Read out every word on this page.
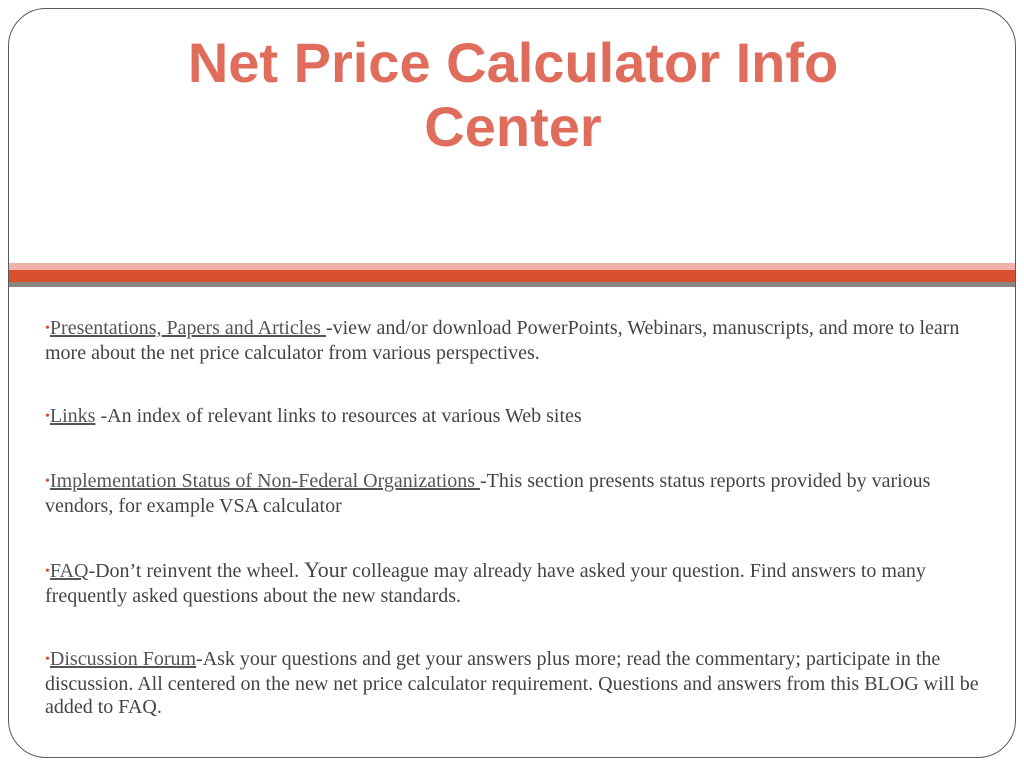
Net Price Calculator Info
Center

•Presentations, Papers and Articles -view and/or download PowerPoints, Webinars, manuscripts, and more to learn more about the net price calculator from various perspectives.

•Links -An index of relevant links to resources at various Web sites

•Implementation Status of Non-Federal Organizations -This section presents status reports provided by various vendors, for example VSA calculator

•FAQ-Don’t reinvent the wheel. Your colleague may already have asked your question. Find answers to many frequently asked questions about the new standards.

•Discussion Forum-Ask your questions and get your answers plus more; read the commentary; participate in the discussion. All centered on the new net price calculator requirement. Questions and answers from this BLOG will be added to FAQ.
